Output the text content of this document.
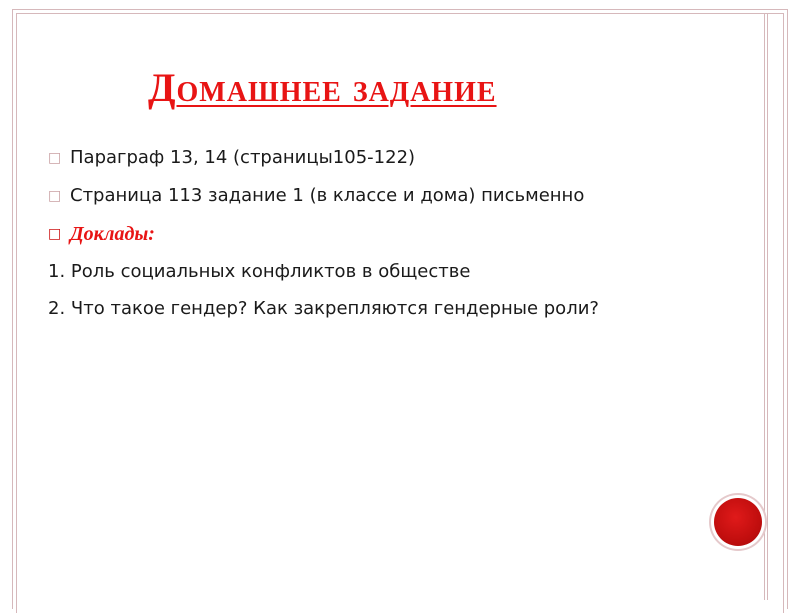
Домашнее задание
□ Параграф 13, 14 (страницы105-122)
□ Страница 113 задание 1 (в классе и дома) письменно
□ Доклады:
1. Роль социальных конфликтов в обществе
2. Что такое гендер? Как закрепляются гендерные роли?
